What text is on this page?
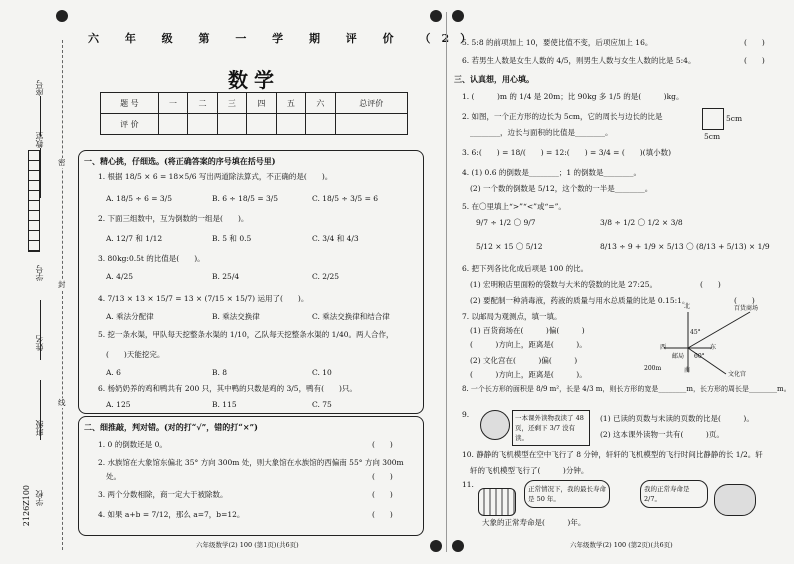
座号
教室
学号
姓名
班级
学校
2126Z100
密
封
线
六 年 级 第 一 学 期 评 价 （2）
数学
题 号	一	二	三	四	五	六	总评价
评 价							
一、精心挑，仔细选。(将正确答案的序号填在括号里)
1. 根据 18/5 × 6 = 18×5/6 写出两道除法算式，不正确的是(　　)。
A. 18/5 ÷ 6 = 3/5	B. 6 ÷ 18/5 = 3/5	C. 18/5 ÷ 3/5 = 6
2. 下面三组数中，互为倒数的一组是(　　)。
A. 12/7 和 1/12	B. 5 和 0.5	C. 3/4 和 4/3
3. 80kg:0.5t 的比值是(　　)。
A. 4/25	B. 25/4	C. 2/25
4. 7/13 × 13 × 15/7 = 13 × (7/15 × 15/7) 运用了(　　)。
A. 乘法分配律	B. 乘法交换律	C. 乘法交换律和结合律
5. 挖一条水渠，甲队每天挖整条水渠的 1/10，乙队每天挖整条水渠的 1/40。两人合作，
(　　)天能挖完。
A. 6	B. 8	C. 10
6. 杨奶奶养的鸡和鸭共有 200 只，其中鸭的只数是鸡的 3/5，鸭有(　　)只。
A. 125	B. 115	C. 75
二、细推敲，判对错。(对的打“√”，错的打“×”)
1. 0 的倒数还是 0。	(　　)
2. 水族馆在大象馆东偏北 35° 方向 300m 处，则大象馆在水族馆的西偏南 55° 方向 300m
处。	(　　)
3. 两个分数相除，商一定大于被除数。	(　　)
4. 如果 a+b = 7/12，那么 a=7，b=12。	(　　)
六年级数学(2) 100 (第1页)(共6页)
5. 5:8 的前项加上 10，要使比值不变，后项应加上 16。	(　　)
6. 若男生人数是女生人数的 4/5，则男生人数与女生人数的比是 5:4。	(　　)
三、认真想，用心填。
1. (　　　)m 的 1/4 是 20m；比 90kg 多 1/5 的是(　　　)kg。
2. 如图，一个正方形的边长为 5cm，它的周长与边长的比是
________，边长与面积的比值是________。
5cm
5cm
3. 6:(　　) = 18/(　　) = 12:(　　) = 3/4 = (　　)(填小数)
4. (1) 0.6 的倒数是________；1 的倒数是________。
(2) 一个数的倒数是 5/12，这个数的一半是________。
5. 在〇里填上“>”“<”或“=”。
9/7 ÷ 1/2 〇 9/7	3/8 ÷ 1/2 〇 1/2 × 3/8
5/12 × 15 〇 5/12	8/13 ÷ 9 + 1/9 × 5/13 〇 (8/13 + 5/13) × 1/9
6. 把下列各比化成后项是 100 的比。
(1) 宏明粮店里面粉的袋数与大米的袋数的比是 27:25。	(　　)
(2) 要配制一种消毒液，药液的质量与用水总质量的比是 0.15:1。	(　　)
7. 以邮局为观测点，填一填。
(1) 百货商场在(　　　)偏(　　　)
(　　　)方向上，距离是(　　　)。
(2) 文化宫在(　　　)偏(　　　)
(　　　)方向上，距离是(　　　)。
北
东
西
南
百货商场
文化宫
邮局
45°
60°
200m
8. 一个长方形的面积是 8/9 m²，长是 4/3 m，则长方形的宽是________m，长方形的周长是________m。
9.	一本课外读物我读了 48 页，还剩下 3/7 没有读。
(1) 已读的页数与未读的页数的比是(　　　)。
(2) 这本课外读物一共有(　　　)页。
10. 静静的飞机模型在空中飞行了 8 分钟，轩轩的飞机模型的飞行时间比静静的长 1/2。轩
轩的飞机模型飞行了(　　　)分钟。
11.	正常情况下，我的最长寿命是 50 年。
我的正常寿命是 2/7。
大象的正常寿命是(　　　)年。
六年级数学(2) 100 (第2页)(共6页)
